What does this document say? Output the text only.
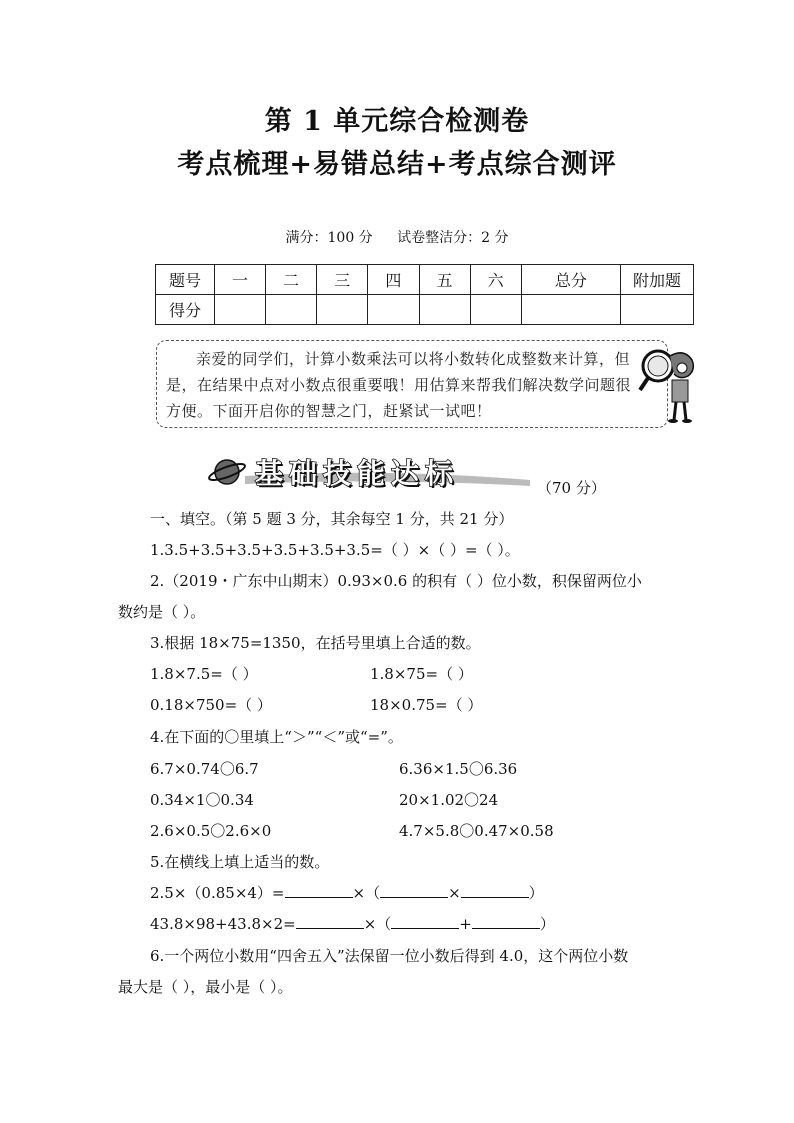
第 1 单元综合检测卷
考点梳理+易错总结+考点综合测评
满分：100 分 试卷整洁分：2 分
题号	一	二	三	四	五	六	总分	附加题
得分								
亲爱的同学们，计算小数乘法可以将小数转化成整数来计算，但是，在结果中点对小数点很重要哦！用估算来帮我们解决数学问题很方便。下面开启你的智慧之门，赶紧试一试吧！
基础技能达标	（70 分）
一、填空。（第 5 题 3 分，其余每空 1 分，共 21 分）
1.3.5+3.5+3.5+3.5+3.5+3.5=（ ）×（ ）=（ ）。
2.（2019・广东中山期末）0.93×0.6 的积有（ ）位小数，积保留两位小
数约是（ ）。
3.根据 18×75=1350，在括号里填上合适的数。
1.8×7.5=（ ）	1.8×75=（ ）
0.18×750=（ ）	18×0.75=（ ）
4.在下面的〇里填上“＞”“＜”或“=”。
6.7×0.74〇6.7	6.36×1.5〇6.36
0.34×1〇0.34	20×1.02〇24
2.6×0.5〇2.6×0	4.7×5.8〇0.47×0.58
5.在横线上填上适当的数。
2.5×（0.85×4）=	×（	×	）
43.8×98+43.8×2=	×（	+	）
6.一个两位小数用“四舍五入”法保留一位小数后得到 4.0，这个两位小数
最大是（ ），最小是（ ）。
